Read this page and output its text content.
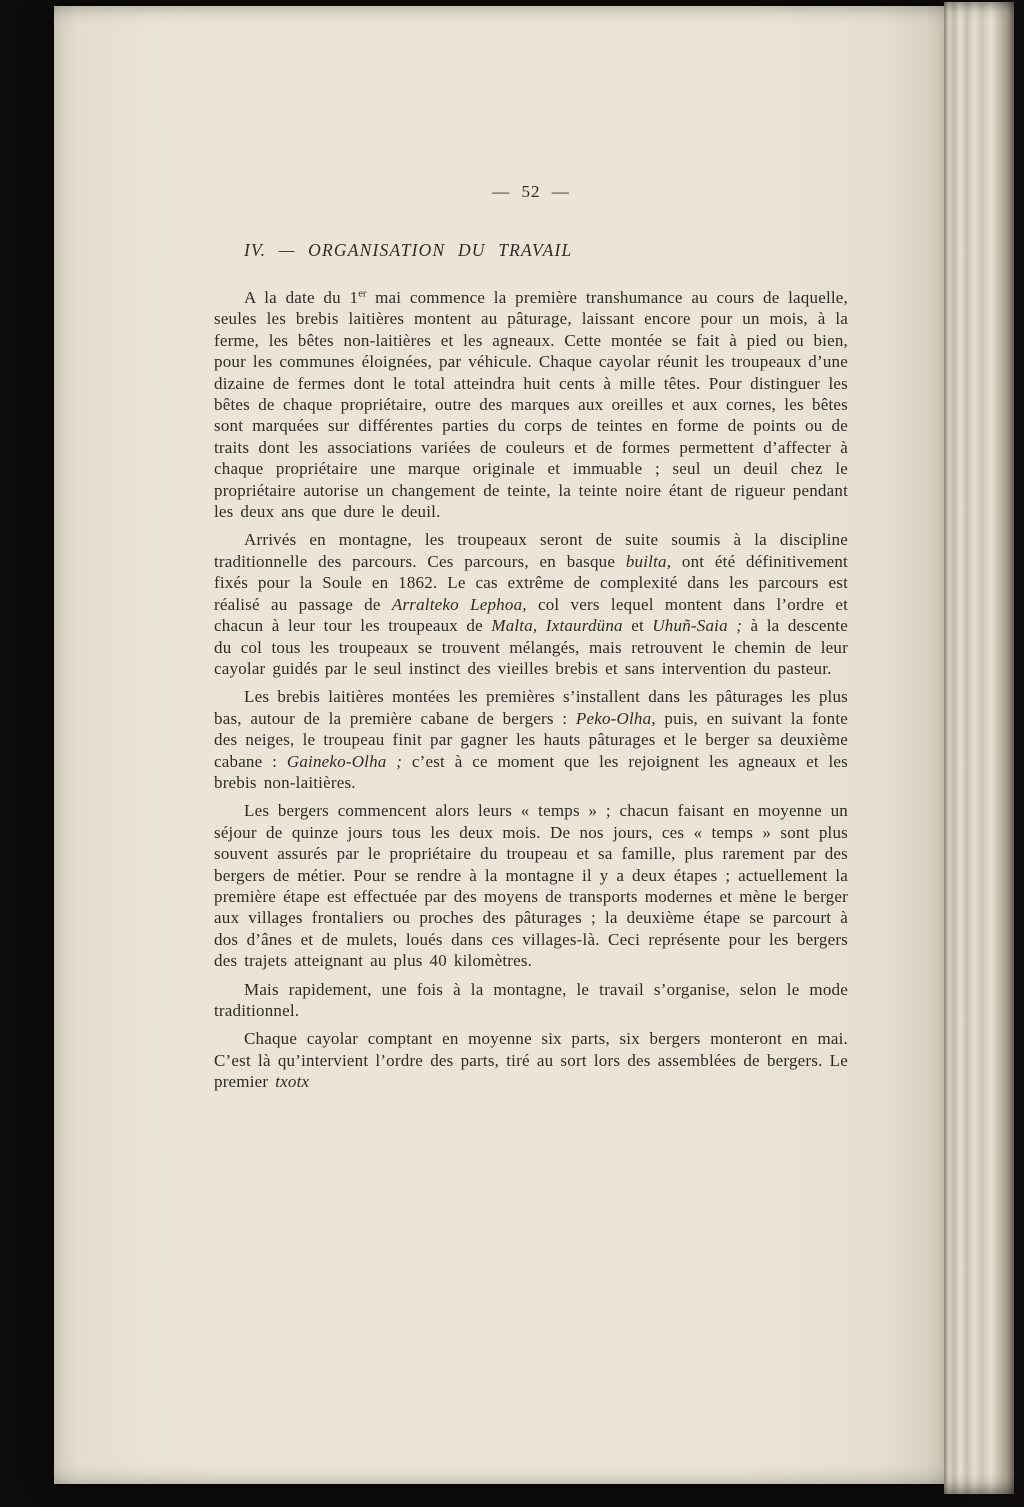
— 52 —

IV. — ORGANISATION DU TRAVAIL

A la date du 1er mai commence la première transhumance au cours de laquelle, seules les brebis laitières montent au pâturage, laissant encore pour un mois, à la ferme, les bêtes non-laitières et les agneaux. Cette montée se fait à pied ou bien, pour les communes éloignées, par véhicule. Chaque cayolar réunit les troupeaux d’une dizaine de fermes dont le total atteindra huit cents à mille têtes. Pour distinguer les bêtes de chaque propriétaire, outre des marques aux oreilles et aux cornes, les bêtes sont marquées sur différentes parties du corps de teintes en forme de points ou de traits dont les associations variées de couleurs et de formes permettent d’affecter à chaque propriétaire une marque originale et immuable ; seul un deuil chez le propriétaire autorise un changement de teinte, la teinte noire étant de rigueur pendant les deux ans que dure le deuil.

Arrivés en montagne, les troupeaux seront de suite soumis à la discipline traditionnelle des parcours. Ces parcours, en basque builta, ont été définitivement fixés pour la Soule en 1862. Le cas extrême de complexité dans les parcours est réalisé au passage de Arralteko Lephoa, col vers lequel montent dans l’ordre et chacun à leur tour les troupeaux de Malta, Ixtaurdüna et Uhuñ-Saia ; à la descente du col tous les troupeaux se trouvent mélangés, mais retrouvent le chemin de leur cayolar guidés par le seul instinct des vieilles brebis et sans intervention du pasteur.

Les brebis laitières montées les premières s’installent dans les pâturages les plus bas, autour de la première cabane de bergers : Peko-Olha, puis, en suivant la fonte des neiges, le troupeau finit par gagner les hauts pâturages et le berger sa deuxième cabane : Gaineko-Olha ; c’est à ce moment que les rejoignent les agneaux et les brebis non-laitières.

Les bergers commencent alors leurs « temps » ; chacun faisant en moyenne un séjour de quinze jours tous les deux mois. De nos jours, ces « temps » sont plus souvent assurés par le propriétaire du troupeau et sa famille, plus rarement par des bergers de métier. Pour se rendre à la montagne il y a deux étapes ; actuellement la première étape est effectuée par des moyens de transports modernes et mène le berger aux villages frontaliers ou proches des pâturages ; la deuxième étape se parcourt à dos d’ânes et de mulets, loués dans ces villages-là. Ceci représente pour les bergers des trajets atteignant au plus 40 kilomètres.

Mais rapidement, une fois à la montagne, le travail s’organise, selon le mode traditionnel.

Chaque cayolar comptant en moyenne six parts, six bergers monteront en mai. C’est là qu’intervient l’ordre des parts, tiré au sort lors des assemblées de bergers. Le premier txotx
